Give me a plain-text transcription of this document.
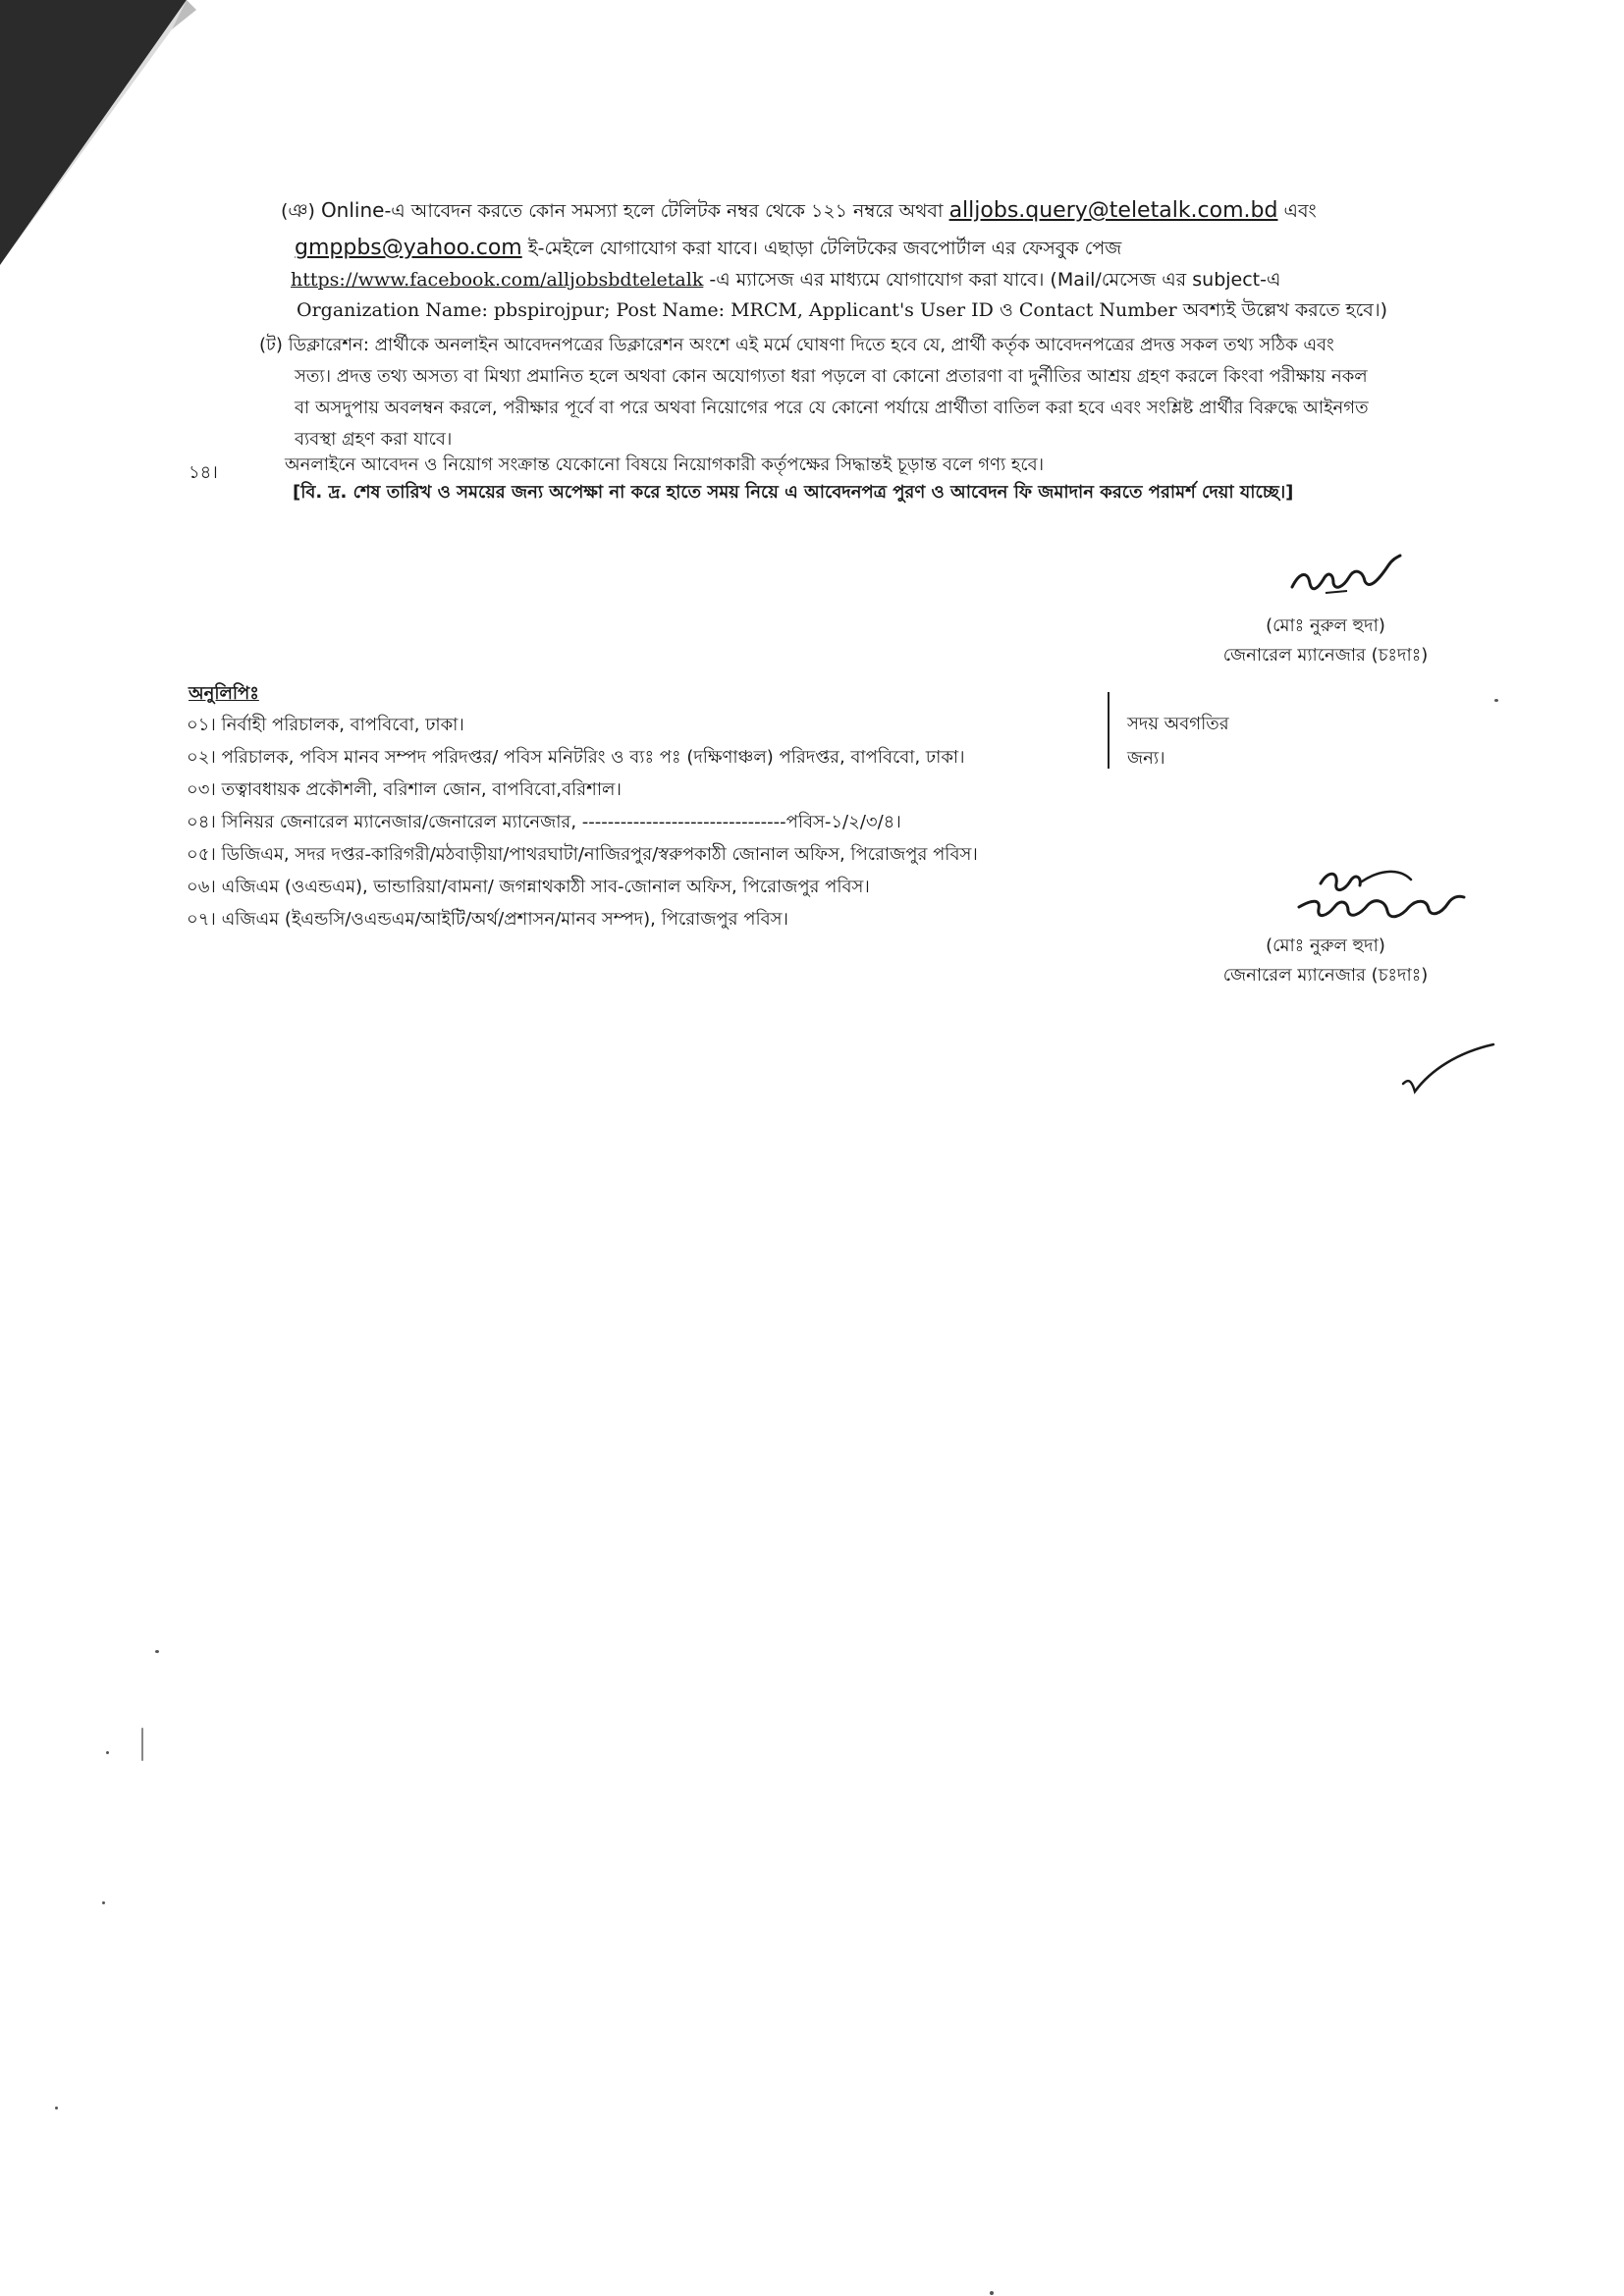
(ঞ) Online-এ আবেদন করতে কোন সমস্যা হলে টেলিটক নম্বর থেকে ১২১ নম্বরে অথবা alljobs.query@teletalk.com.bd এবং
gmppbs@yahoo.com ই-মেইলে যোগাযোগ করা যাবে। এছাড়া টেলিটকের জবপোর্টাল এর ফেসবুক পেজ
https://www.facebook.com/alljobsbdteletalk -এ ম্যাসেজ এর মাধ্যমে যোগাযোগ করা যাবে। (Mail/মেসেজ এর subject-এ
Organization Name: pbspirojpur; Post Name: MRCM, Applicant's User ID ও Contact Number অবশ্যই উল্লেখ করতে হবে।)
(ট) ডিক্লারেশন: প্রার্থীকে অনলাইন আবেদনপত্রের ডিক্লারেশন অংশে এই মর্মে ঘোষণা দিতে হবে যে, প্রার্থী কর্তৃক আবেদনপত্রের প্রদত্ত সকল তথ্য সঠিক এবং
সত্য। প্রদত্ত তথ্য অসত্য বা মিথ্যা প্রমানিত হলে অথবা কোন অযোগ্যতা ধরা পড়লে বা কোনো প্রতারণা বা দুর্নীতির আশ্রয় গ্রহণ করলে কিংবা পরীক্ষায় নকল
বা অসদুপায় অবলম্বন করলে, পরীক্ষার পূর্বে বা পরে অথবা নিয়োগের পরে যে কোনো পর্যায়ে প্রার্থীতা বাতিল করা হবে এবং সংশ্লিষ্ট প্রার্থীর বিরুদ্ধে আইনগত
ব্যবস্থা গ্রহণ করা যাবে।
১৪।	অনলাইনে আবেদন ও নিয়োগ সংক্রান্ত যেকোনো বিষয়ে নিয়োগকারী কর্তৃপক্ষের সিদ্ধান্তই চূড়ান্ত বলে গণ্য হবে।
[বি. দ্র. শেষ তারিখ ও সময়ের জন্য অপেক্ষা না করে হাতে সময় নিয়ে এ আবেদনপত্র পুরণ ও আবেদন ফি জমাদান করতে পরামর্শ দেয়া যাচ্ছে।]
(মোঃ নুরুল হুদা)
জেনারেল ম্যানেজার (চঃদাঃ)
অনুলিপিঃ
০১। নির্বাহী পরিচালক, বাপবিবো, ঢাকা।
০২। পরিচালক, পবিস মানব সম্পদ পরিদপ্তর/ পবিস মনিটরিং ও ব্যঃ পঃ (দক্ষিণাঞ্চল) পরিদপ্তর, বাপবিবো, ঢাকা।
০৩। তত্বাবধায়ক প্রকৌশলী, বরিশাল জোন, বাপবিবো,বরিশাল।
০৪। সিনিয়র জেনারেল ম্যানেজার/জেনারেল ম্যানেজার, --------------------------------পবিস-১/২/৩/৪।
০৫। ডিজিএম, সদর দপ্তর-কারিগরী/মঠবাড়ীয়া/পাথরঘাটা/নাজিরপুর/স্বরুপকাঠী জোনাল অফিস, পিরোজপুর পবিস।
০৬। এজিএম (ওএন্ডএম), ভান্ডারিয়া/বামনা/ জগন্নাথকাঠী সাব-জোনাল অফিস, পিরোজপুর পবিস।
০৭। এজিএম (ইএন্ডসি/ওএন্ডএম/আইটি/অর্থ/প্রশাসন/মানব সম্পদ), পিরোজপুর পবিস।
সদয় অবগতির
জন্য।
(মোঃ নুরুল হুদা)
জেনারেল ম্যানেজার (চঃদাঃ)
